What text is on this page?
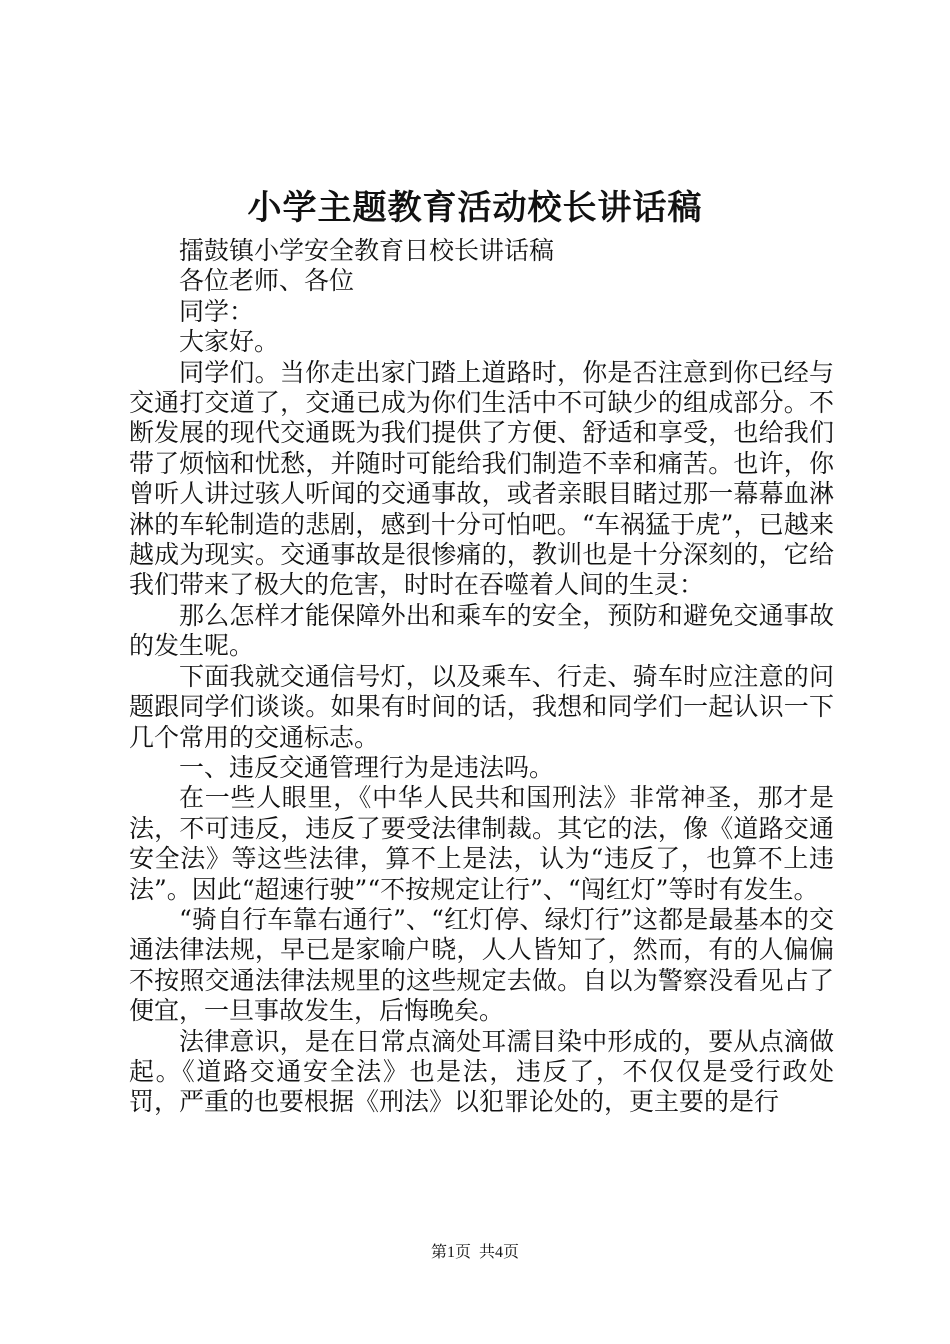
小学主题教育活动校长讲话稿

擂鼓镇小学安全教育日校长讲话稿

各位老师、各位

同学：

大家好。

同学们。当你走出家门踏上道路时，你是否注意到你已经与交通打交道了，交通已成为你们生活中不可缺少的组成部分。不断发展的现代交通既为我们提供了方便、舒适和享受，也给我们带了烦恼和忧愁，并随时可能给我们制造不幸和痛苦。也许，你曾听人讲过骇人听闻的交通事故，或者亲眼目睹过那一幕幕血淋淋的车轮制造的悲剧，感到十分可怕吧。“车祸猛于虎”，已越来越成为现实。交通事故是很惨痛的，教训也是十分深刻的，它给我们带来了极大的危害，时时在吞噬着人间的生灵：

那么怎样才能保障外出和乘车的安全，预防和避免交通事故的发生呢。

下面我就交通信号灯，以及乘车、行走、骑车时应注意的问题跟同学们谈谈。如果有时间的话，我想和同学们一起认识一下几个常用的交通标志。

一、违反交通管理行为是违法吗。

在一些人眼里，《中华人民共和国刑法》非常神圣，那才是法，不可违反，违反了要受法律制裁。其它的法，像《道路交通安全法》等这些法律，算不上是法，认为“违反了，也算不上违法”。因此“超速行驶”“不按规定让行”、“闯红灯”等时有发生。

“骑自行车靠右通行”、“红灯停、绿灯行”这都是最基本的交通法律法规，早已是家喻户晓，人人皆知了，然而，有的人偏偏不按照交通法律法规里的这些规定去做。自以为警察没看见占了便宜，一旦事故发生，后悔晚矣。

法律意识，是在日常点滴处耳濡目染中形成的，要从点滴做起。《道路交通安全法》也是法，违反了，不仅仅是受行政处罚，严重的也要根据《刑法》以犯罪论处的，更主要的是行

第1页 共4页
